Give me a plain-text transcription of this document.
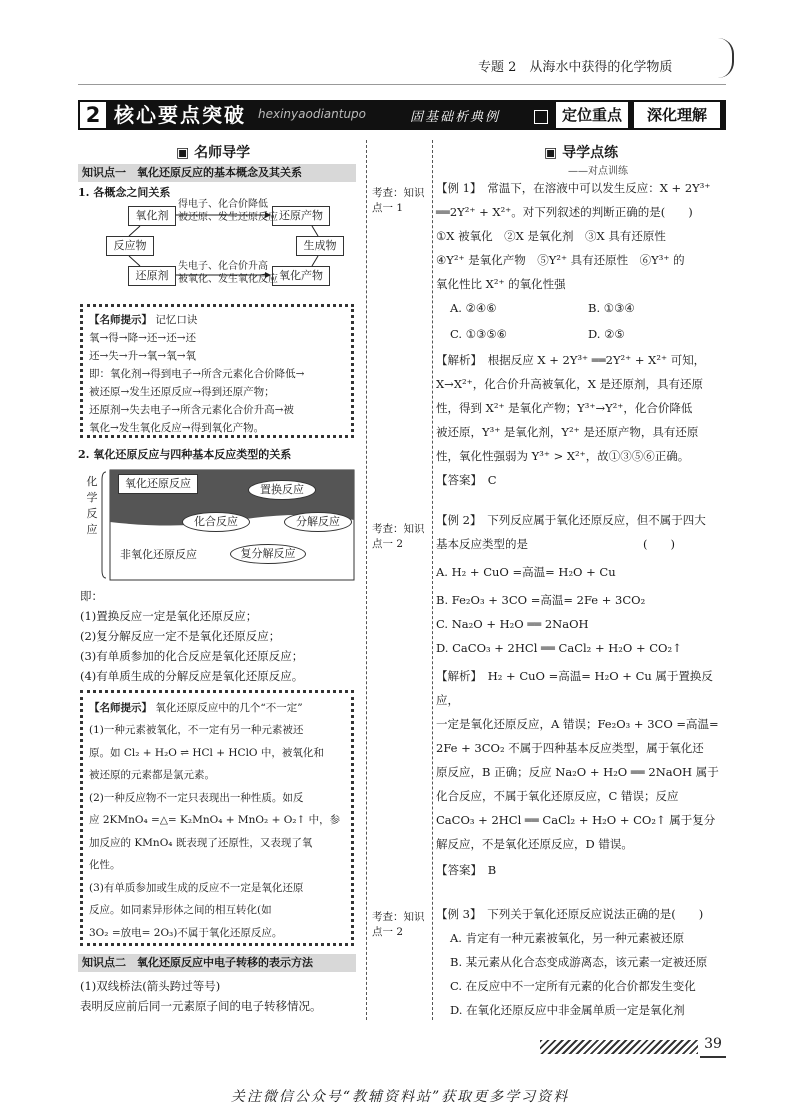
专题 2　从海水中获得的化学物质
2 核心要点突破 hexinyaodiantupo	固基础析典例	定位重点	深化理解
▣ 名师导学
知识点一　氧化还原反应的基本概念及其关系
1. 各概念之间关系
氧化剂	还原产物
反应物	生成物
还原剂	氧化产物
得电子、化合价降低
被还原、发生还原反应
失电子、化合价升高
被氧化、发生氧化反应
【名师提示】 记忆口诀
氧→得→降→还→还→还
还→失→升→氧→氧→氧
即：氧化剂→得到电子→所含元素化合价降低→
被还原→发生还原反应→得到还原产物；
还原剂→失去电子→所含元素化合价升高→被
氧化→发生氧化反应→得到氧化产物。
2. 氧化还原反应与四种基本反应类型的关系
化学反应
氧化还原反应	置换反应
化合反应	分解反应
非氧化还原反应	复分解反应
即：
(1)置换反应一定是氧化还原反应；
(2)复分解反应一定不是氧化还原反应；
(3)有单质参加的化合反应是氧化还原反应；
(4)有单质生成的分解反应是氧化还原反应。
【名师提示】 氧化还原反应中的几个“不一定”
(1)一种元素被氧化，不一定有另一种元素被还
原。如 Cl₂ + H₂O ⇌ HCl + HClO 中，被氧化和
被还原的元素都是氯元素。
(2)一种反应物不一定只表现出一种性质。如反
应 2KMnO₄ =△= K₂MnO₄ + MnO₂ + O₂↑ 中，参
加反应的 KMnO₄ 既表现了还原性，又表现了氧
化性。
(3)有单质参加或生成的反应不一定是氧化还原
反应。如同素异形体之间的相互转化(如
3O₂ =放电= 2O₃)不属于氧化还原反应。
知识点二　氧化还原反应中电子转移的表示方法
(1)双线桥法(箭头跨过等号)
表明反应前后同一元素原子间的电子转移情况。
考查：知识点一 1
考查：知识点一 2
考查：知识点一 2
▣ 导学点练
——对点训练
【例 1】　常温下，在溶液中可以发生反应：X + 2Y³⁺
══2Y²⁺ + X²⁺。对下列叙述的判断正确的是(　　)
①X 被氧化　②X 是氧化剂　③X 具有还原性
④Y²⁺ 是氧化产物　⑤Y²⁺ 具有还原性　⑥Y³⁺ 的
氧化性比 X²⁺ 的氧化性强
A. ②④⑥	B. ①③④
C. ①③⑤⑥	D. ②⑤
【解析】　根据反应 X + 2Y³⁺ ══2Y²⁺ + X²⁺ 可知，
X→X²⁺，化合价升高被氧化，X 是还原剂，具有还原
性，得到 X²⁺ 是氧化产物；Y³⁺→Y²⁺，化合价降低
被还原，Y³⁺ 是氧化剂，Y²⁺ 是还原产物，具有还原
性，氧化性强弱为 Y³⁺ > X²⁺，故①③⑤⑥正确。
【答案】　C
【例 2】　下列反应属于氧化还原反应，但不属于四大
基本反应类型的是　　　　　　　　　　(　　)
A. H₂ + CuO =高温= H₂O + Cu
B. Fe₂O₃ + 3CO =高温= 2Fe + 3CO₂
C. Na₂O + H₂O ══ 2NaOH
D. CaCO₃ + 2HCl ══ CaCl₂ + H₂O + CO₂↑
【解析】　H₂ + CuO =高温= H₂O + Cu 属于置换反应，
一定是氧化还原反应，A 错误；Fe₂O₃ + 3CO =高温=
2Fe + 3CO₂ 不属于四种基本反应类型，属于氧化还
原反应，B 正确；反应 Na₂O + H₂O ══ 2NaOH 属于
化合反应，不属于氧化还原反应，C 错误；反应
CaCO₃ + 2HCl ══ CaCl₂ + H₂O + CO₂↑ 属于复分
解反应，不是氧化还原反应，D 错误。
【答案】　B
【例 3】　下列关于氧化还原反应说法正确的是(　　)
A. 肯定有一种元素被氧化，另一种元素被还原
B. 某元素从化合态变成游离态，该元素一定被还原
C. 在反应中不一定所有元素的化合价都发生变化
D. 在氧化还原反应中非金属单质一定是氧化剂
39
关注微信公众号“教辅资料站”获取更多学习资料
